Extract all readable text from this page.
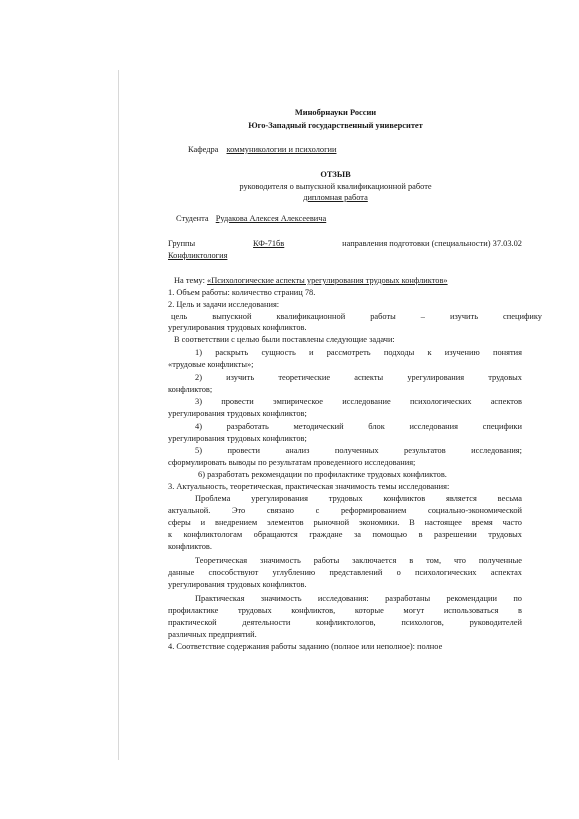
Минобрнауки России
Юго-Западный государственный университет
Кафедра коммуникологии и психологии
ОТЗЫВ
руководителя о выпускной квалификационной работе
дипломная работа
Студента Рудакова Алексея Алексеевича
Группы	КФ-71бв	направления подготовки (специальности) 37.03.02
Конфликтология
На тему: «Психологические аспекты урегулирования трудовых конфликтов»
1. Объем работы: количество страниц 78.
2. Цель и задачи исследования:
цель выпускной квалификационной работы – изучить специфику
урегулирования трудовых конфликтов.
В соответствии с целью были поставлены следующие задачи:
1) раскрыть сущность и рассмотреть подходы к изучению понятия
«трудовые конфликты»;
2) изучить теоретические аспекты урегулирования трудовых
конфликтов;
3) провести эмпирическое исследование психологических аспектов
урегулирования трудовых конфликтов;
4) разработать методический блок исследования специфики
урегулирования трудовых конфликтов;
5) провести анализ полученных результатов исследования;
сформулировать выводы по результатам проведенного исследования;
6) разработать рекомендации по профилактике трудовых конфликтов.
3. Актуальность, теоретическая, практическая значимость темы исследования:
Проблема урегулирования трудовых конфликтов является весьма
актуальной. Это связано с реформированием социально-экономической
сферы и внедрением элементов рыночной экономики. В настоящее время часто
к конфликтологам обращаются граждане за помощью в разрешении трудовых
конфликтов.
Теоретическая значимость работы заключается в том, что полученные
данные способствуют углублению представлений о психологических аспектах
урегулирования трудовых конфликтов.
Практическая значимость исследования: разработаны рекомендации по
профилактике трудовых конфликтов, которые могут использоваться в
практической деятельности конфликтологов, психологов, руководителей
различных предприятий.
4. Соответствие содержания работы заданию (полное или неполное): полное
